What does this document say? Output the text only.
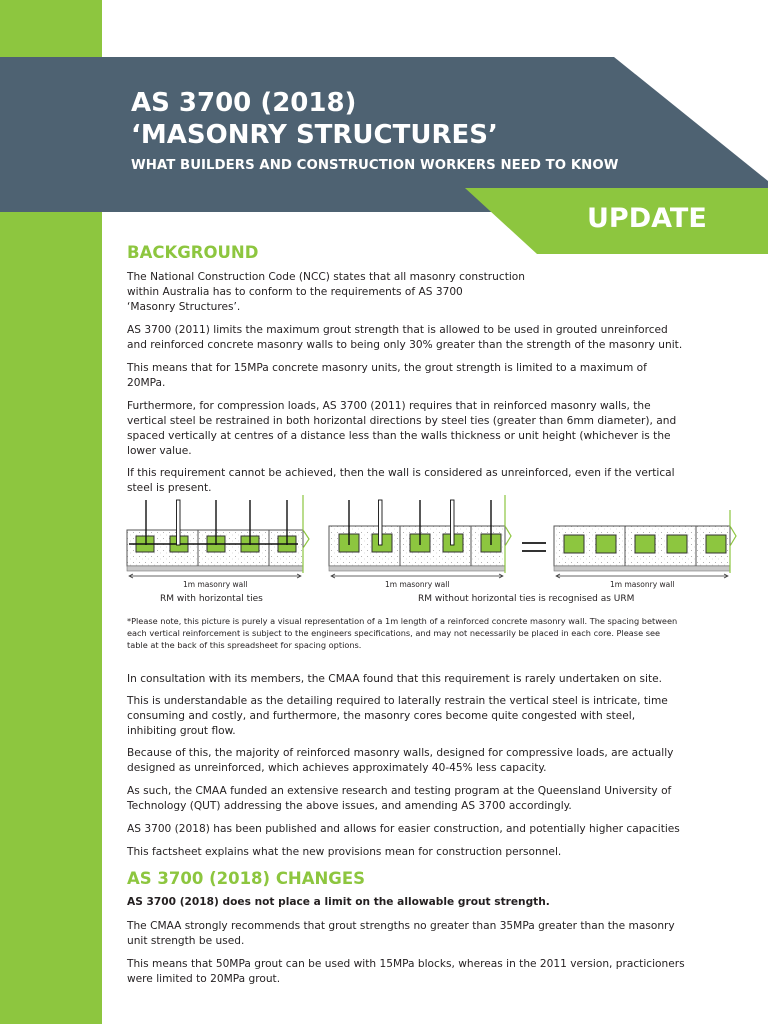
AS 3700 (2018)
‘MASONRY STRUCTURES’
WHAT BUILDERS AND CONSTRUCTION WORKERS NEED TO KNOW
UPDATE
BACKGROUND

The National Construction Code (NCC) states that all masonry construction
within Australia has to conform to the requirements of AS 3700
‘Masonry Structures’.

AS 3700 (2011) limits the maximum grout strength that is allowed to be used in grouted unreinforced
and reinforced concrete masonry walls to being only 30% greater than the strength of the masonry unit.

This means that for 15MPa concrete masonry units, the grout strength is limited to a maximum of
20MPa.

Furthermore, for compression loads, AS 3700 (2011) requires that in reinforced masonry walls, the
vertical steel be restrained in both horizontal directions by steel ties (greater than 6mm diameter), and
spaced vertically at centres of a distance less than the walls thickness or unit height (whichever is the
lower value.

If this requirement cannot be achieved, then the wall is considered as unreinforced, even if the vertical
steel is present.

1m masonry wall	1m masonry wall	1m masonry wall
RM with horizontal ties	RM without horizontal ties is recognised as URM

*Please note, this picture is purely a visual representation of a 1m length of a reinforced concrete masonry wall. The spacing between
each vertical reinforcement is subject to the engineers specifications, and may not necessarily be placed in each core. Please see
table at the back of this spreadsheet for spacing options.

In consultation with its members, the CMAA found that this requirement is rarely undertaken on site.

This is understandable as the detailing required to laterally restrain the vertical steel is intricate, time
consuming and costly, and furthermore, the masonry cores become quite congested with steel,
inhibiting grout flow.

Because of this, the majority of reinforced masonry walls, designed for compressive loads, are actually
designed as unreinforced, which achieves approximately 40-45% less capacity.

As such, the CMAA funded an extensive research and testing program at the Queensland University of
Technology (QUT) addressing the above issues, and amending AS 3700 accordingly.

AS 3700 (2018) has been published and allows for easier construction, and potentially higher capacities

This factsheet explains what the new provisions mean for construction personnel.

AS 3700 (2018) CHANGES

AS 3700 (2018) does not place a limit on the allowable grout strength.

The CMAA strongly recommends that grout strengths no greater than 35MPa greater than the masonry
unit strength be used.

This means that 50MPa grout can be used with 15MPa blocks, whereas in the 2011 version, practicioners
were limited to 20MPa grout.
